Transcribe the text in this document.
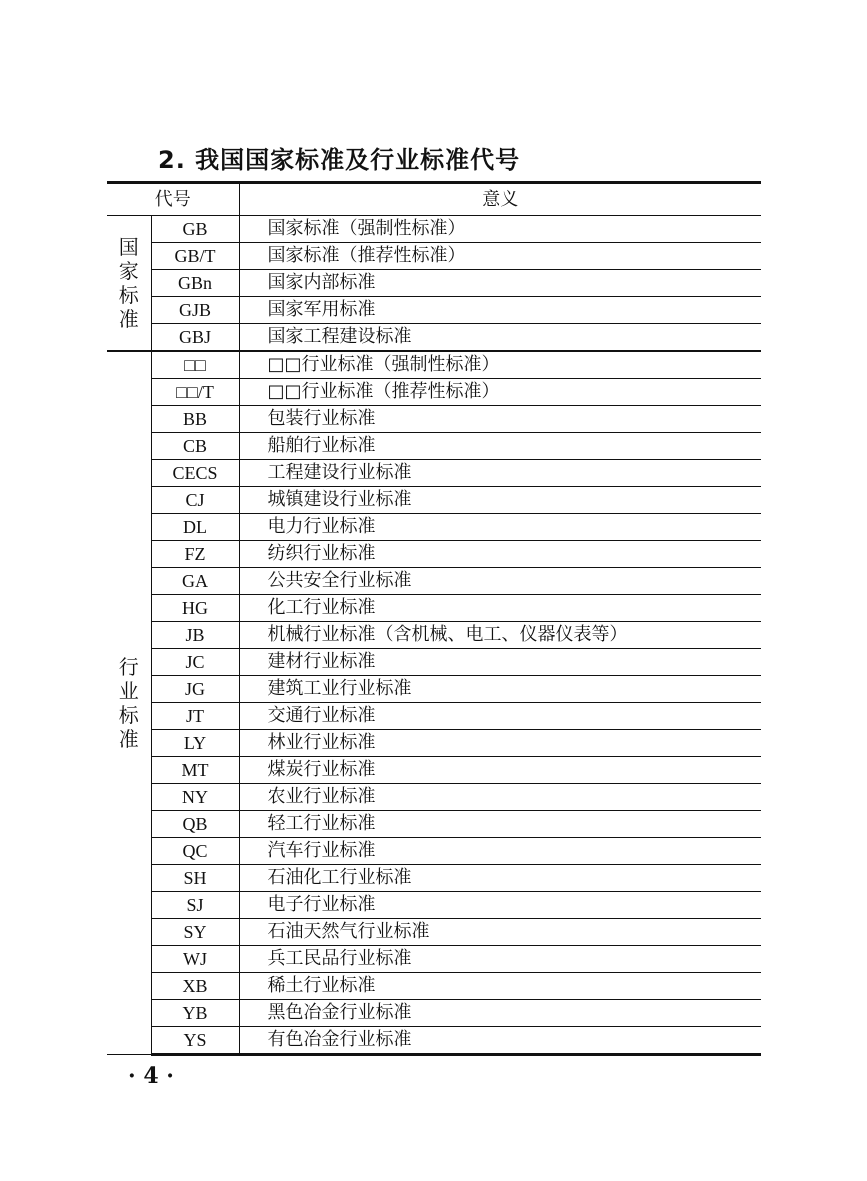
2. 我国国家标准及行业标准代号
代号		意义

国家标准	GB	国家标准（强制性标准）
	GB/T	国家标准（推荐性标准）
	GBn	国家内部标准
	GJB	国家军用标准
	GBJ	国家工程建设标准

行业标准	□□	□□行业标准（强制性标准）
	□□/T	□□行业标准（推荐性标准）
	BB	包装行业标准
	CB	船舶行业标准
	CECS	工程建设行业标准
	CJ	城镇建设行业标准
	DL	电力行业标准
	FZ	纺织行业标准
	GA	公共安全行业标准
	HG	化工行业标准
	JB	机械行业标准（含机械、电工、仪器仪表等）
	JC	建材行业标准
	JG	建筑工业行业标准
	JT	交通行业标准
	LY	林业行业标准
	MT	煤炭行业标准
	NY	农业行业标准
	QB	轻工行业标准
	QC	汽车行业标准
	SH	石油化工行业标准
	SJ	电子行业标准
	SY	石油天然气行业标准
	WJ	兵工民品行业标准
	XB	稀土行业标准
	YB	黑色冶金行业标准
	YS	有色冶金行业标准
· 4 ·
